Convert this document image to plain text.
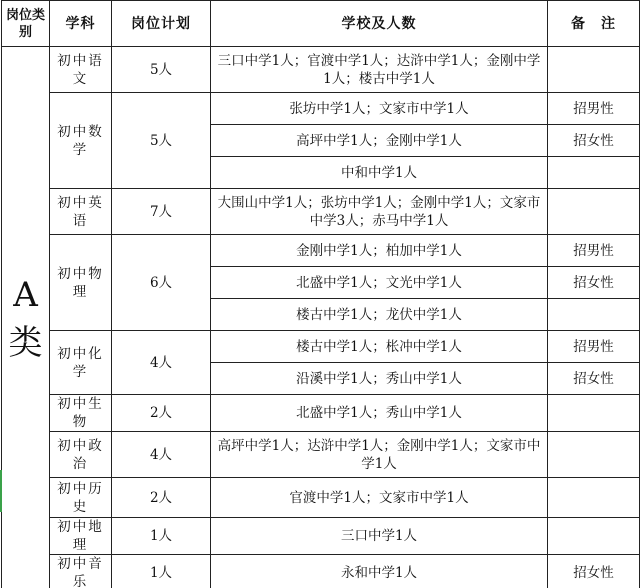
岗位类别	学科	岗位计划	学校及人数	备　注
A类	初中语文	5人	三口中学1人；官渡中学1人；达浒中学1人；金刚中学1人；楼古中学1人	
	初中数学	5人	张坊中学1人；文家市中学1人	招男性
			高坪中学1人；金刚中学1人	招女性
			中和中学1人	
	初中英语	7人	大围山中学1人；张坊中学1人；金刚中学1人；文家市中学3人；赤马中学1人	
	初中物理	6人	金刚中学1人；柏加中学1人	招男性
			北盛中学1人；文光中学1人	招女性
			楼古中学1人；龙伏中学1人	
	初中化学	4人	楼古中学1人；枨冲中学1人	招男性
			沿溪中学1人；秀山中学1人	招女性
	初中生物	2人	北盛中学1人；秀山中学1人	
	初中政治	4人	高坪中学1人；达浒中学1人；金刚中学1人；文家市中学1人	
	初中历史	2人	官渡中学1人；文家市中学1人	
	初中地理	1人	三口中学1人	
	初中音乐	1人	永和中学1人	招女性
